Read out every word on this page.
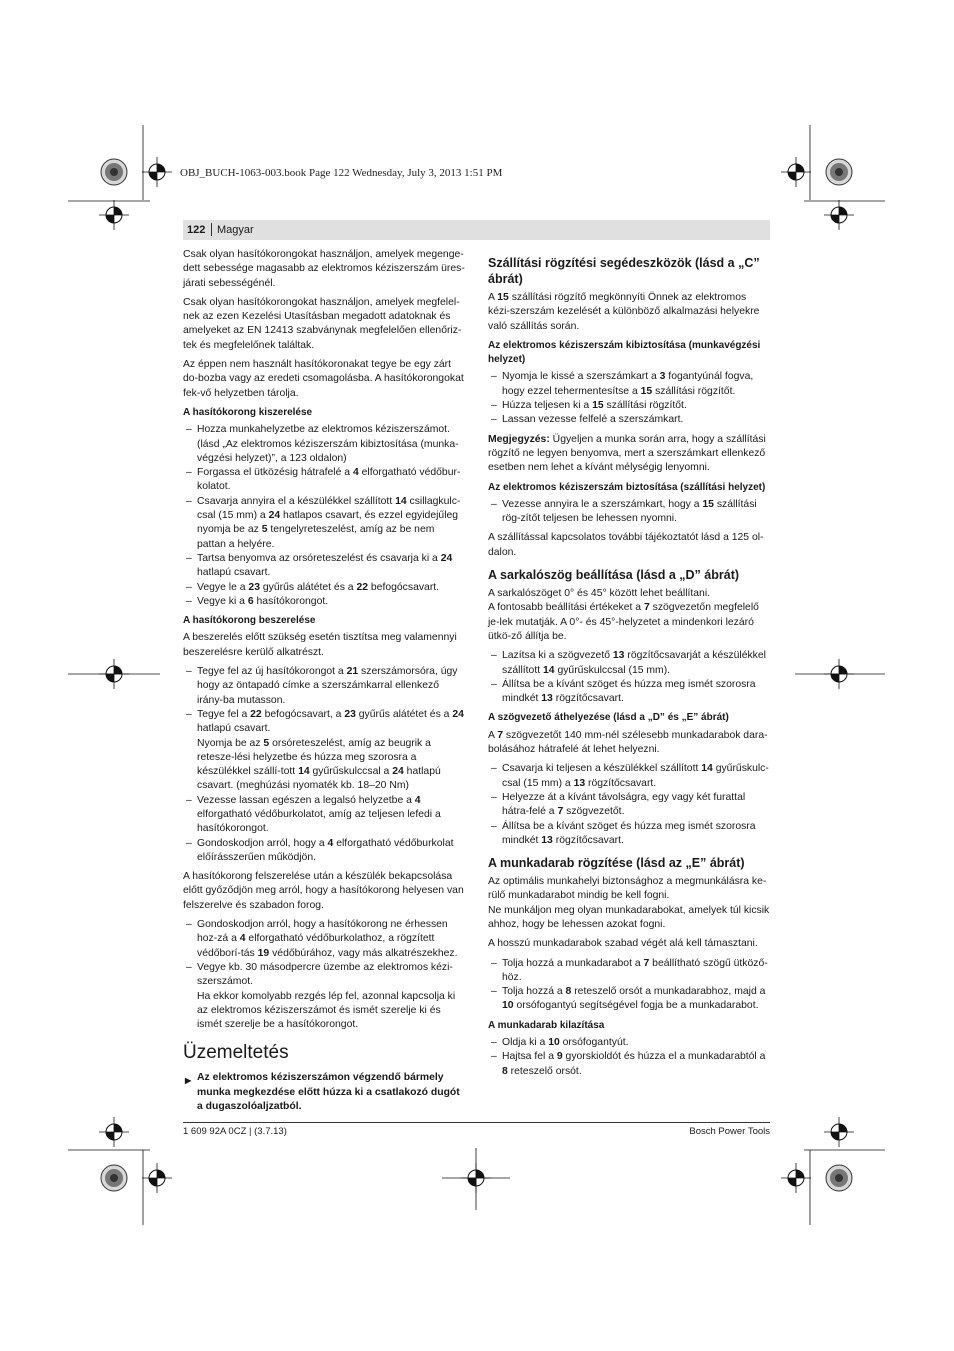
OBJ_BUCH-1063-003.book Page 122 Wednesday, July 3, 2013 1:51 PM
122 Magyar
Csak olyan hasítókorongokat használjon, amelyek megenge-dett sebessége magasabb az elektromos kéziszerszám üres-járati sebességénél.
Csak olyan hasítókorongokat használjon, amelyek megfelel-nek az ezen Kezelési Utasításban megadott adatoknak és amelyeket az EN 12413 szabványnak megfelelően ellenőriz-tek és megfelelőnek találtak.
Az éppen nem használt hasítókoronakat tegye be egy zárt do-bozba vagy az eredeti csomagolásba. A hasítókorongokat fek-vő helyzetben tárolja.
A hasítókorong kiszerelése
– Hozza munkahelyzetbe az elektromos kéziszerszámot. (lásd „Az elektromos kéziszerszám kibiztosítása (munka-végzési helyzet)”, a 123 oldalon)
– Forgassa el ütközésig hátrafelé a 4 elforgatható védőbur-kolatot.
– Csavarja annyira el a készülékkel szállított 14 csillagkulc-csal (15 mm) a 24 hatlapos csavart, és ezzel egyidejűleg nyomja be az 5 tengelyreteszelést, amíg az be nem pattan a helyére.
– Tartsa benyomva az orsóreteszelést és csavarja ki a 24 hatlapú csavart.
– Vegye le a 23 gyűrűs alátétet és a 22 befogócsavart.
– Vegye ki a 6 hasítókorongot.
A hasítókorong beszerelése
A beszerelés előtt szükség esetén tisztítsa meg valamennyi beszerelésre kerülő alkatrészt.
– Tegye fel az új hasítókorongot a 21 szerszámorsóra, úgy hogy az öntapadó címke a szerszámkarral ellenkező irány-ba mutasson.
– Tegye fel a 22 befogócsavart, a 23 gyűrűs alátétet és a 24 hatlapú csavart.
Nyomja be az 5 orsóreteszelést, amíg az beugrik a retesze-lési helyzetbe és húzza meg szorosra a készülékkel szállí-tott 14 gyűrűskulccsal a 24 hatlapú csavart. (meghúzási nyomaték kb. 18–20 Nm)
– Vezesse lassan egészen a legalsó helyzetbe a 4 elforgatható védőburkolatot, amíg az teljesen lefedi a hasítókorongot.
– Gondoskodjon arról, hogy a 4 elforgatható védőburkolat előírásszerűen működjön.
A hasítókorong felszerelése után a készülék bekapcsolása előtt győződjön meg arról, hogy a hasítókorong helyesen van felszerelve és szabadon forog.
– Gondoskodjon arról, hogy a hasítókorong ne érhessen hoz-zá a 4 elforgatható védőburkolathoz, a rögzített védőborí-tás 19 védőbúrához, vagy más alkatrészekhez.
– Vegye kb. 30 másodpercre üzembe az elektromos kézi-szerszámot.
Ha ekkor komolyabb rezgés lép fel, azonnal kapcsolja ki az elektromos kéziszerszámot és ismét szerelje ki és ismét szerelje be a hasítókorongot.
Üzemeltetés
▶ Az elektromos kéziszerszámon végzendő bármely munka megkezdése előtt húzza ki a csatlakozó dugót a dugaszolóaljzatból.
Szállítási rögzítési segédeszközök (lásd a „C” ábrát)
A 15 szállítási rögzítő megkönnyíti Önnek az elektromos kézi-szerszám kezelését a különböző alkalmazási helyekre való szállítás során.
Az elektromos kéziszerszám kibiztosítása (munkavégzési helyzet)
– Nyomja le kissé a szerszámkart a 3 fogantyúnál fogva, hogy ezzel tehermentesítse a 15 szállítási rögzítőt.
– Húzza teljesen ki a 15 szállítási rögzítőt.
– Lassan vezesse felfelé a szerszámkart.
Megjegyzés: Ügyeljen a munka során arra, hogy a szállítási rögzítő ne legyen benyomva, mert a szerszámkart ellenkező esetben nem lehet a kívánt mélységig lenyomni.
Az elektromos kéziszerszám biztosítása (szállítási helyzet)
– Vezesse annyira le a szerszámkart, hogy a 15 szállítási rög-zítőt teljesen be lehessen nyomni.
A szállítással kapcsolatos további tájékoztatót lásd a 125 ol-dalon.
A sarkalószög beállítása (lásd a „D” ábrát)
A sarkalószöget 0° és 45° között lehet beállítani.
A fontosabb beállítási értékeket a 7 szögvezetőn megfelelő je-lek mutatják. A 0°- és 45°-helyzetet a mindenkori lezáró ütkö-ző állítja be.
– Lazítsa ki a szögvezető 13 rögzítőcsavarját a készülékkel szállított 14 gyűrűskulccsal (15 mm).
– Állítsa be a kívánt szöget és húzza meg ismét szorosra mindkét 13 rögzítőcsavart.
A szögvezető áthelyezése (lásd a „D” és „E” ábrát)
A 7 szögvezetőt 140 mm-nél szélesebb munkadarabok dara-bolásához hátrafelé át lehet helyezni.
– Csavarja ki teljesen a készülékkel szállított 14 gyűrűskulc-csal (15 mm) a 13 rögzítőcsavart.
– Helyezze át a kívánt távolságra, egy vagy két furattal hátra-felé a 7 szögvezetőt.
– Állítsa be a kívánt szöget és húzza meg ismét szorosra mindkét 13 rögzítőcsavart.
A munkadarab rögzítése (lásd az „E” ábrát)
Az optimális munkahelyi biztonsághoz a megmunkálásra ke-rülő munkadarabot mindig be kell fogni.
Ne munkáljon meg olyan munkadarabokat, amelyek túl kicsik ahhoz, hogy be lehessen azokat fogni.
A hosszú munkadarabok szabad végét alá kell támasztani.
– Tolja hozzá a munkadarabot a 7 beállítható szögű ütköző-höz.
– Tolja hozzá a 8 reteszelő orsót a munkadarabhoz, majd a 10 orsófogantyú segítségével fogja be a munkadarabot.
A munkadarab kilazítása
– Oldja ki a 10 orsófogantyút.
– Hajtsa fel a 9 gyorskioldót és húzza el a munkadarabtól a 8 reteszelő orsót.
1 609 92A 0CZ | (3.7.13)	Bosch Power Tools
